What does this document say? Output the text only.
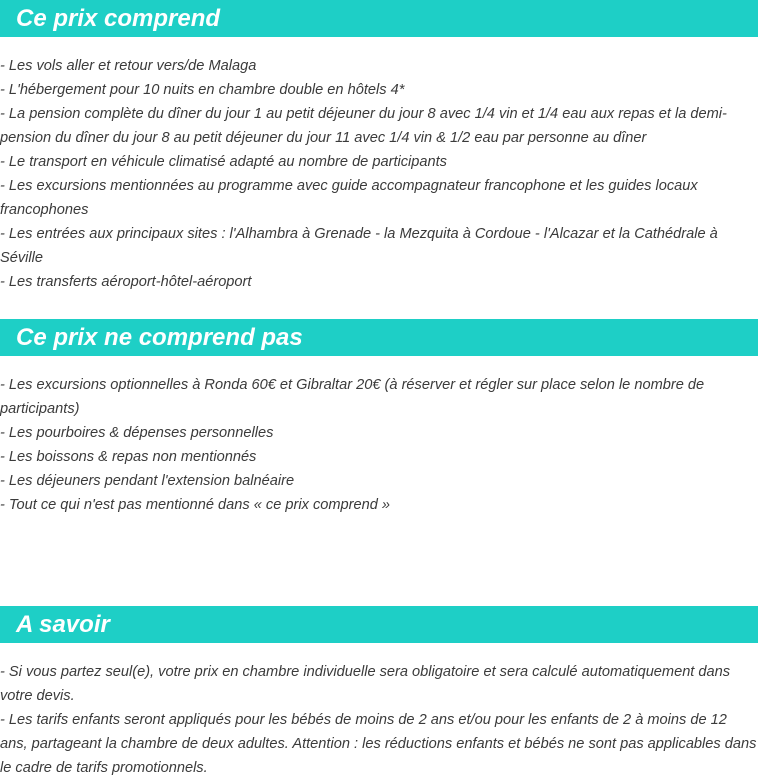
Ce prix comprend
- Les vols aller et retour vers/de Malaga
- L'hébergement pour 10 nuits en chambre double en hôtels 4*
- La pension complète du dîner du jour 1 au petit déjeuner du jour 8 avec 1/4 vin et 1/4 eau aux repas et la demi-pension du dîner du jour 8 au petit déjeuner du jour 11 avec 1/4 vin & 1/2 eau par personne au dîner
- Le transport en véhicule climatisé adapté au nombre de participants
- Les excursions mentionnées au programme avec guide accompagnateur francophone et les guides locaux francophones
- Les entrées aux principaux sites : l'Alhambra à Grenade - la Mezquita à Cordoue - l'Alcazar et la Cathédrale à Séville
- Les transferts aéroport-hôtel-aéroport
Ce prix ne comprend pas
- Les excursions optionnelles à Ronda 60€ et Gibraltar 20€ (à réserver et régler sur place selon le nombre de participants)
- Les pourboires & dépenses personnelles
- Les boissons & repas non mentionnés
- Les déjeuners pendant l'extension balnéaire
- Tout ce qui n'est pas mentionné dans « ce prix comprend »
A savoir
- Si vous partez seul(e), votre prix en chambre individuelle sera obligatoire et sera calculé automatiquement dans votre devis.
- Les tarifs enfants seront appliqués pour les bébés de moins de 2 ans et/ou pour les enfants de 2 à moins de 12 ans, partageant la chambre de deux adultes. Attention : les réductions enfants et bébés ne sont pas applicables dans le cadre de tarifs promotionnels.
